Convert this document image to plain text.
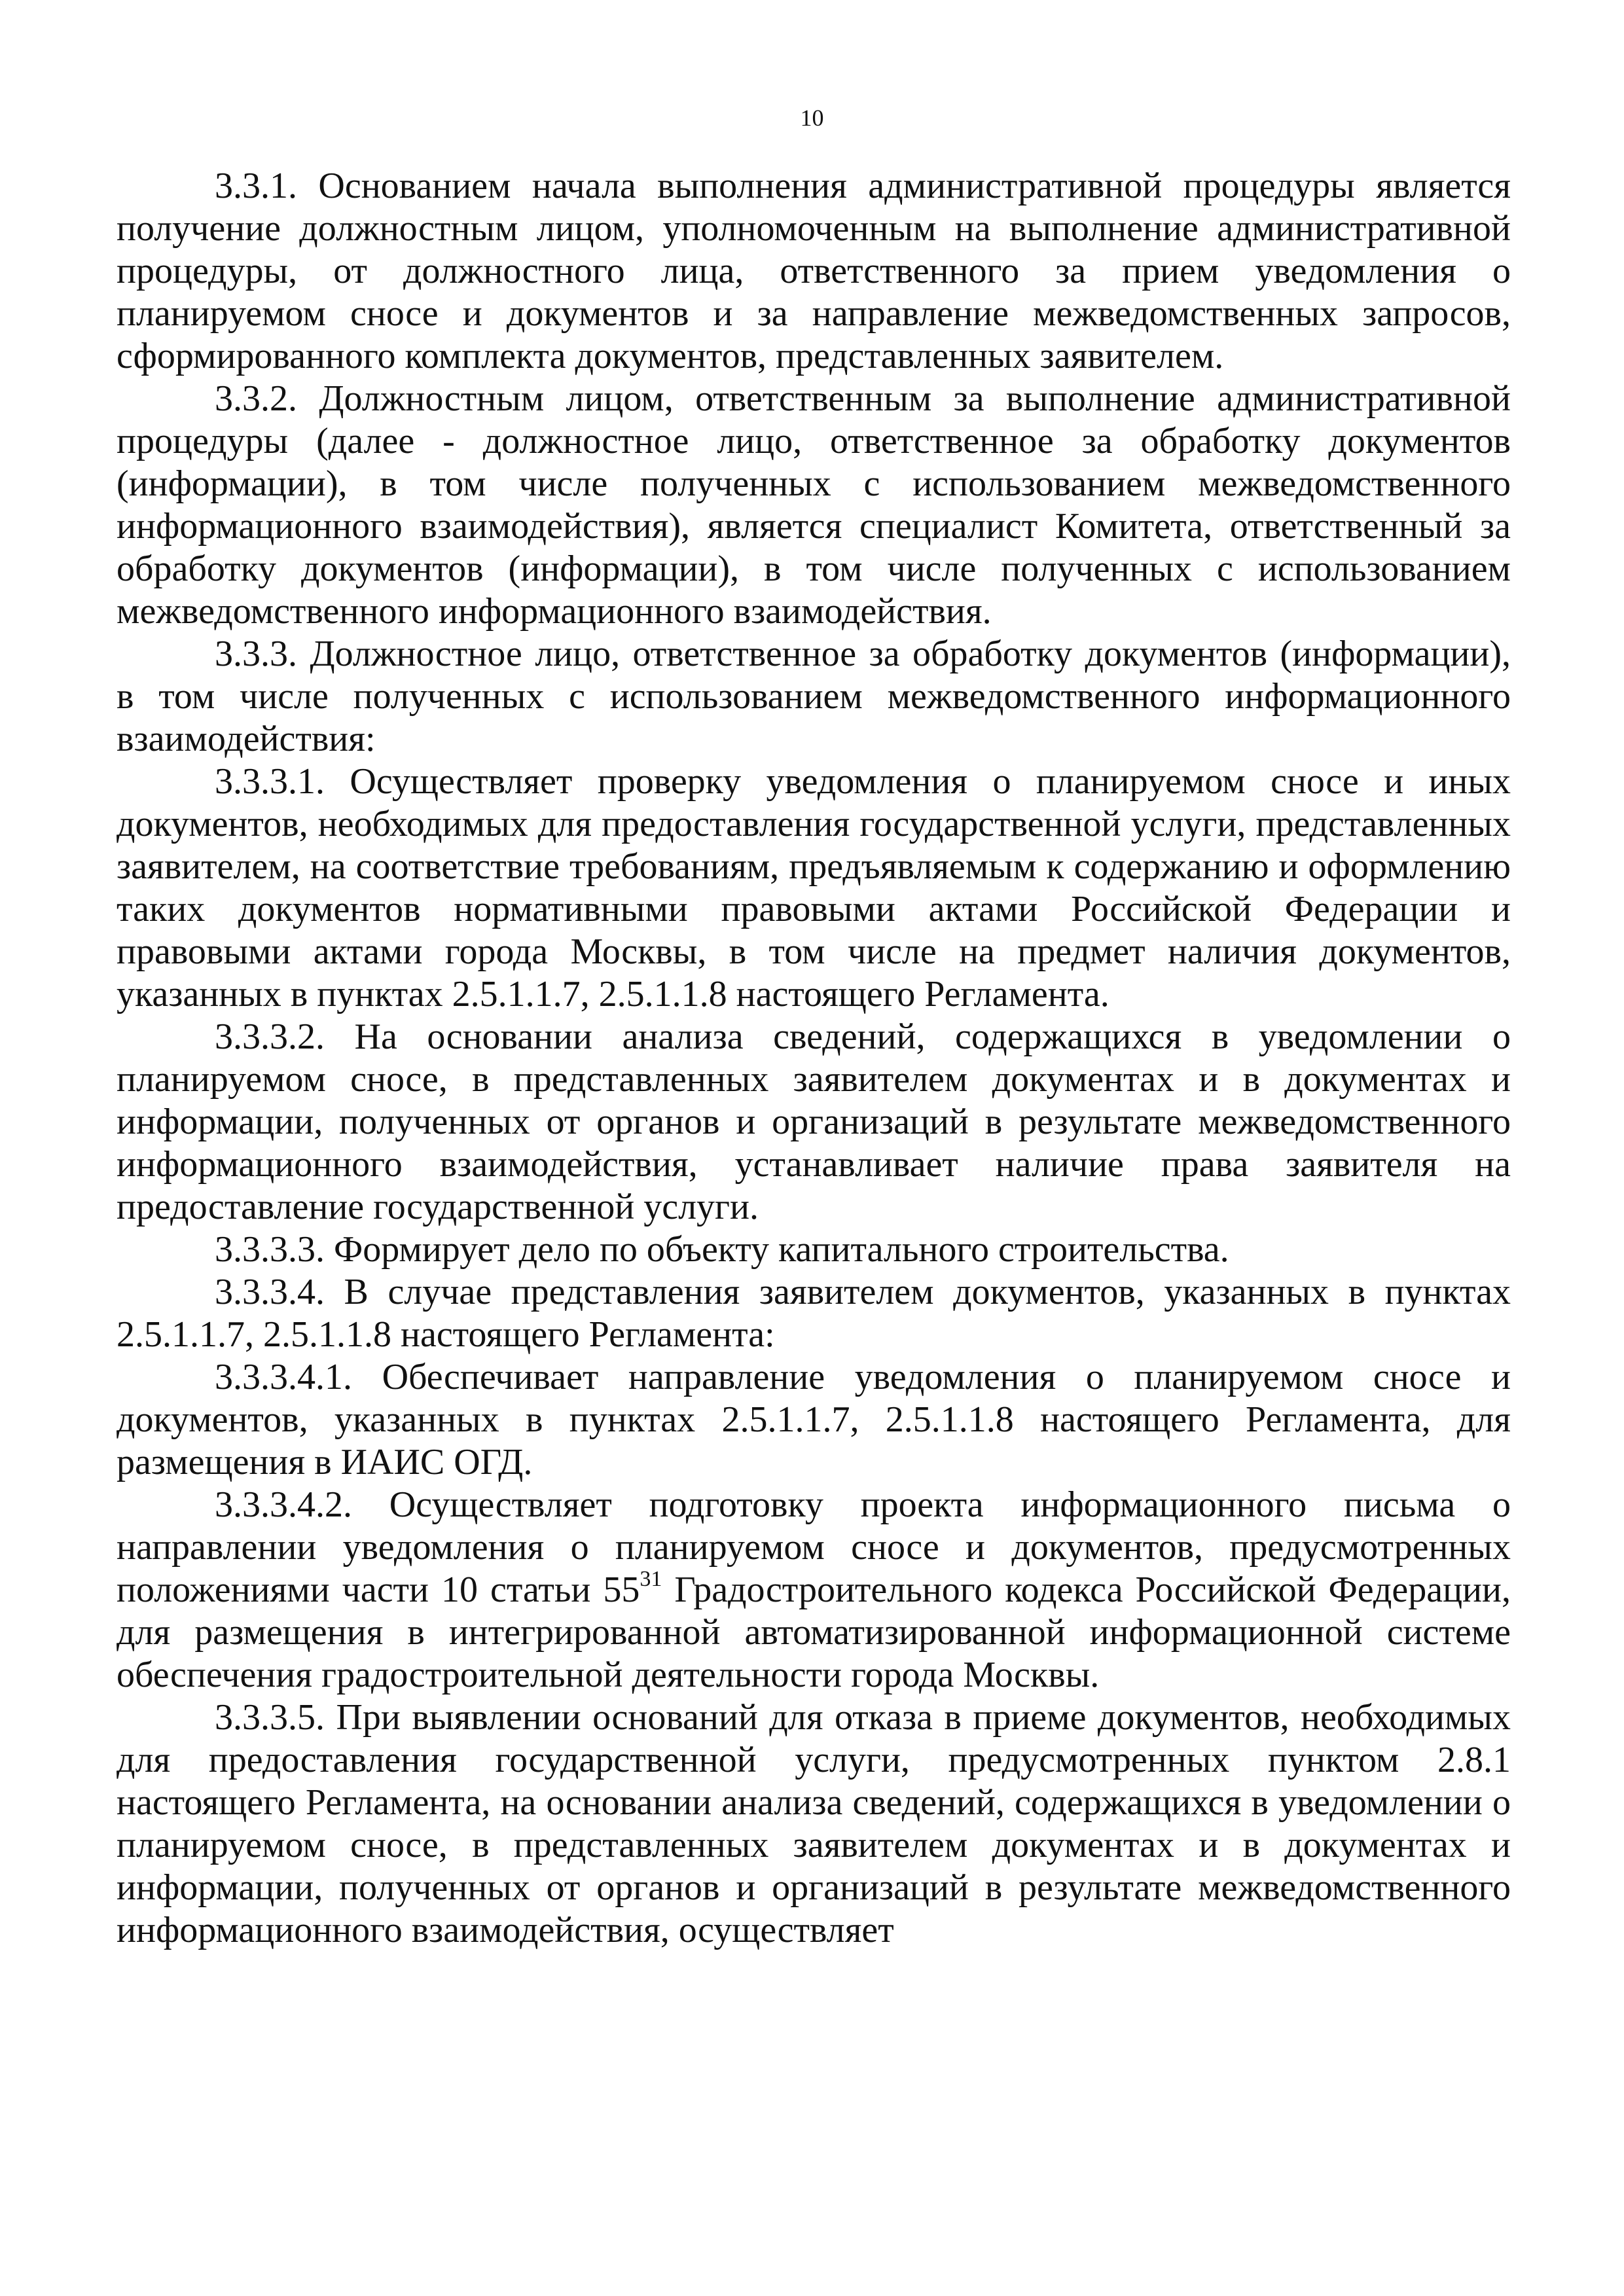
10

3.3.1. Основанием начала выполнения административной процедуры является получение должностным лицом, уполномоченным на выполнение административной процедуры, от должностного лица, ответственного за прием уведомления о планируемом сносе и документов и за направление межведомственных запросов, сформированного комплекта документов, представленных заявителем.

3.3.2. Должностным лицом, ответственным за выполнение административной процедуры (далее - должностное лицо, ответственное за обработку документов (информации), в том числе полученных с использованием межведомственного информационного взаимодействия), является специалист Комитета, ответственный за обработку документов (информации), в том числе полученных с использованием межведомственного информационного взаимодействия.

3.3.3. Должностное лицо, ответственное за обработку документов (информации), в том числе полученных с использованием межведомственного информационного взаимодействия:

3.3.3.1. Осуществляет проверку уведомления о планируемом сносе и иных документов, необходимых для предоставления государственной услуги, представленных заявителем, на соответствие требованиям, предъявляемым к содержанию и оформлению таких документов нормативными правовыми актами Российской Федерации и правовыми актами города Москвы, в том числе на предмет наличия документов, указанных в пунктах 2.5.1.1.7, 2.5.1.1.8 настоящего Регламента.

3.3.3.2. На основании анализа сведений, содержащихся в уведомлении о планируемом сносе, в представленных заявителем документах и в документах и информации, полученных от органов и организаций в результате межведомственного информационного взаимодействия, устанавливает наличие права заявителя на предоставление государственной услуги.

3.3.3.3. Формирует дело по объекту капитального строительства.

3.3.3.4. В случае представления заявителем документов, указанных в пунктах 2.5.1.1.7, 2.5.1.1.8 настоящего Регламента:

3.3.3.4.1. Обеспечивает направление уведомления о планируемом сносе и документов, указанных в пунктах 2.5.1.1.7, 2.5.1.1.8 настоящего Регламента, для размещения в ИАИС ОГД.

3.3.3.4.2. Осуществляет подготовку проекта информационного письма о направлении уведомления о планируемом сносе и документов, предусмотренных положениями части 10 статьи $55^{31}$ Градостроительного кодекса Российской Федерации, для размещения в интегрированной автоматизированной информационной системе обеспечения градостроительной деятельности города Москвы.

3.3.3.5. При выявлении оснований для отказа в приеме документов, необходимых для предоставления государственной услуги, предусмотренных пунктом 2.8.1 настоящего Регламента, на основании анализа сведений, содержащихся в уведомлении о планируемом сносе, в представленных заявителем документах и в документах и информации, полученных от органов и организаций в результате межведомственного информационного взаимодействия, осуществляет
